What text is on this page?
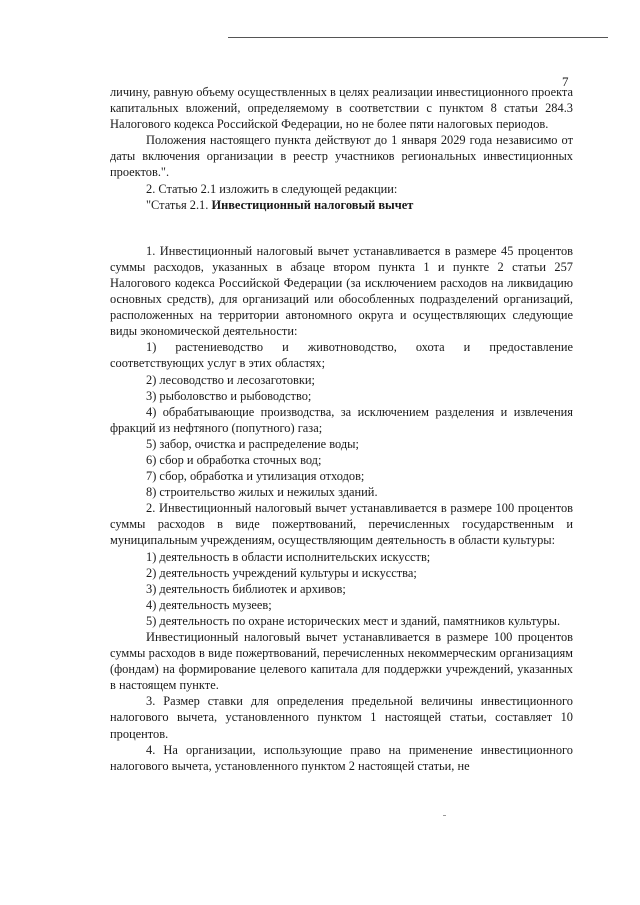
7

личину, равную объему осуществленных в целях реализации инвестиционного проекта капитальных вложений, определяемому в соответствии с пунктом 8 статьи 284.3 Налогового кодекса Российской Федерации, но не более пяти налоговых периодов.

Положения настоящего пункта действуют до 1 января 2029 года независимо от даты включения организации в реестр участников региональных инвестиционных проектов.".

2. Статью 2.1 изложить в следующей редакции:

"Статья 2.1. Инвестиционный налоговый вычет

1. Инвестиционный налоговый вычет устанавливается в размере 45 процентов суммы расходов, указанных в абзаце втором пункта 1 и пункте 2 статьи 257 Налогового кодекса Российской Федерации (за исключением расходов на ликвидацию основных средств), для организаций или обособленных подразделений организаций, расположенных на территории автономного округа и осуществляющих следующие виды экономической деятельности:

1) растениеводство и животноводство, охота и предоставление соответствующих услуг в этих областях;

2) лесоводство и лесозаготовки;

3) рыболовство и рыбоводство;

4) обрабатывающие производства, за исключением разделения и извлечения фракций из нефтяного (попутного) газа;

5) забор, очистка и распределение воды;

6) сбор и обработка сточных вод;

7) сбор, обработка и утилизация отходов;

8) строительство жилых и нежилых зданий.

2. Инвестиционный налоговый вычет устанавливается в размере 100 процентов суммы расходов в виде пожертвований, перечисленных государственным и муниципальным учреждениям, осуществляющим деятельность в области культуры:

1) деятельность в области исполнительских искусств;

2) деятельность учреждений культуры и искусства;

3) деятельность библиотек и архивов;

4) деятельность музеев;

5) деятельность по охране исторических мест и зданий, памятников культуры.

Инвестиционный налоговый вычет устанавливается в размере 100 процентов суммы расходов в виде пожертвований, перечисленных некоммерческим организациям (фондам) на формирование целевого капитала для поддержки учреждений, указанных в настоящем пункте.

3. Размер ставки для определения предельной величины инвестиционного налогового вычета, установленного пунктом 1 настоящей статьи, составляет 10 процентов.

4. На организации, использующие право на применение инвестиционного налогового вычета, установленного пунктом 2 настоящей статьи, не
